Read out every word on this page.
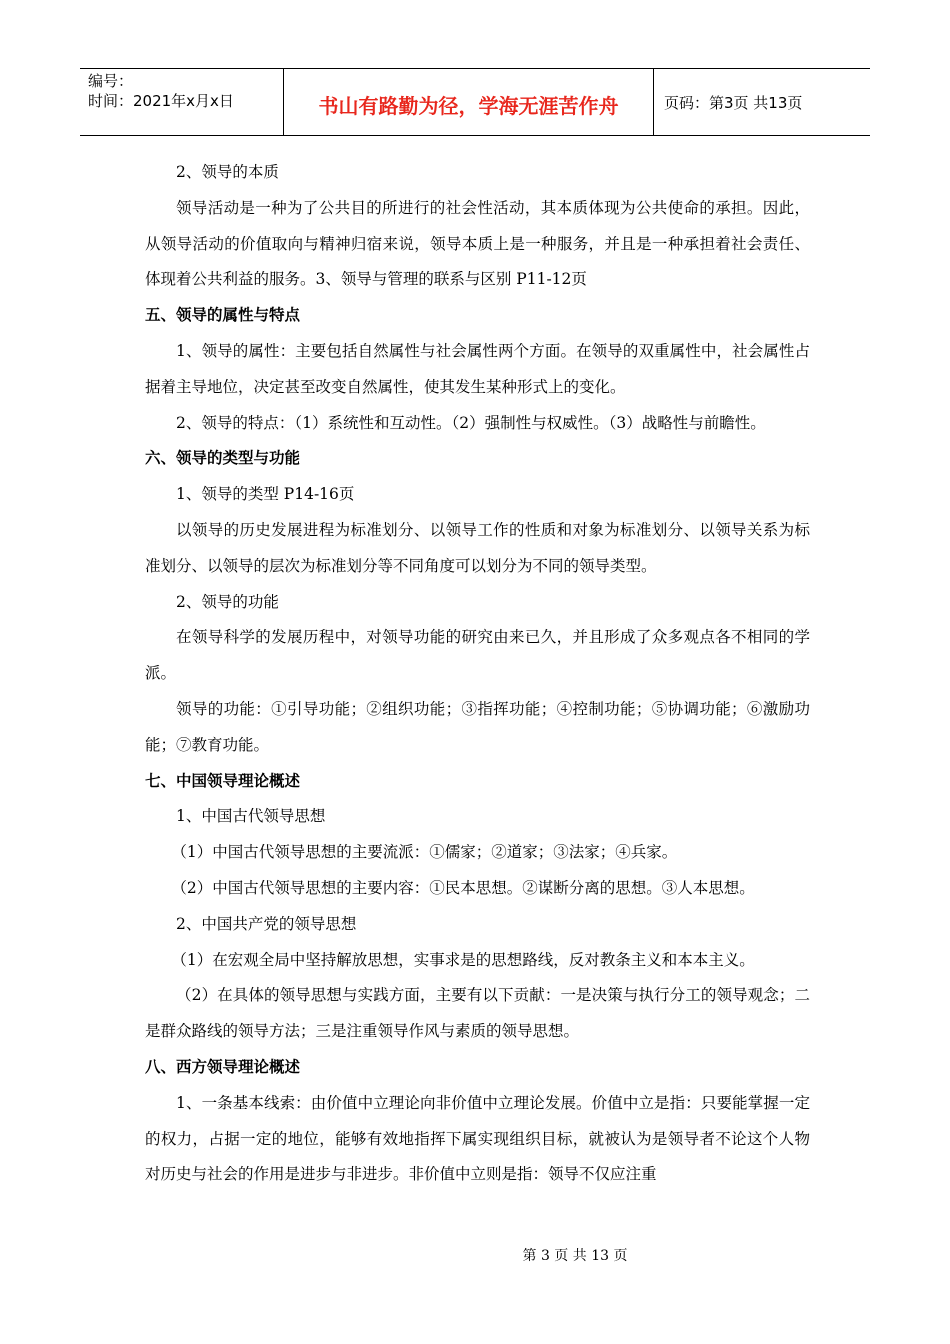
编号：
时间：2021年x月x日	书山有路勤为径，学海无涯苦作舟	页码：第3页 共13页

2、领导的本质

领导活动是一种为了公共目的所进行的社会性活动，其本质体现为公共使命的承担。因此，从领导活动的价值取向与精神归宿来说，领导本质上是一种服务，并且是一种承担着社会责任、体现着公共利益的服务。3、领导与管理的联系与区别 P11-12页

五、领导的属性与特点

1、领导的属性：主要包括自然属性与社会属性两个方面。在领导的双重属性中，社会属性占据着主导地位，决定甚至改变自然属性，使其发生某种形式上的变化。

2、领导的特点：（1）系统性和互动性。（2）强制性与权威性。（3）战略性与前瞻性。

六、领导的类型与功能

1、领导的类型 P14-16页

以领导的历史发展进程为标准划分、以领导工作的性质和对象为标准划分、以领导关系为标准划分、以领导的层次为标准划分等不同角度可以划分为不同的领导类型。

2、领导的功能

在领导科学的发展历程中，对领导功能的研究由来已久，并且形成了众多观点各不相同的学派。

领导的功能：①引导功能；②组织功能；③指挥功能；④控制功能；⑤协调功能；⑥激励功能；⑦教育功能。

七、中国领导理论概述

1、中国古代领导思想

（1）中国古代领导思想的主要流派：①儒家；②道家；③法家；④兵家。

（2）中国古代领导思想的主要内容：①民本思想。②谋断分离的思想。③人本思想。

2、中国共产党的领导思想

（1）在宏观全局中坚持解放思想，实事求是的思想路线，反对教条主义和本本主义。

（2）在具体的领导思想与实践方面，主要有以下贡献：一是决策与执行分工的领导观念；二是群众路线的领导方法；三是注重领导作风与素质的领导思想。

八、西方领导理论概述

1、一条基本线索：由价值中立理论向非价值中立理论发展。价值中立是指：只要能掌握一定的权力，占据一定的地位，能够有效地指挥下属实现组织目标，就被认为是领导者不论这个人物对历史与社会的作用是进步与非进步。非价值中立则是指：领导不仅应注重

第 3 页 共 13 页
